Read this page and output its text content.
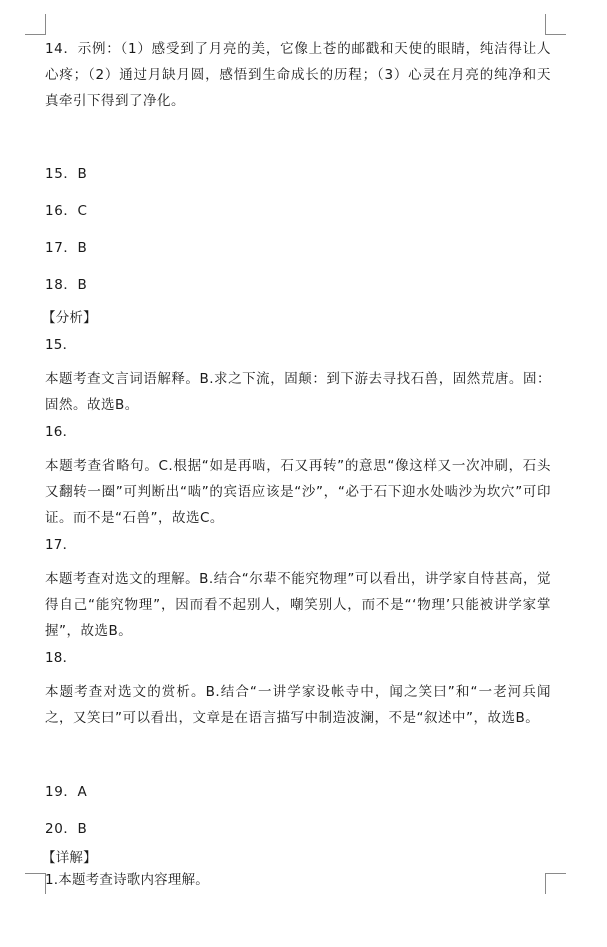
14．示例：（1）感受到了月亮的美，它像上苍的邮戳和天使的眼睛，纯洁得让人心疼；（2）通过月缺月圆，感悟到生命成长的历程；（3）心灵在月亮的纯净和天真牵引下得到了净化。
15．B
16．C
17．B
18．B
【分析】
15．
本题考查文言词语解释。B.求之下流，固颠：到下游去寻找石兽，固然荒唐。固：固然。故选B。
16．
本题考查省略句。C.根据“如是再啮，石又再转”的意思“像这样又一次冲刷，石头又翻转一圈”可判断出“啮”的宾语应该是“沙”，“必于石下迎水处啮沙为坎穴”可印证。而不是“石兽”，故选C。
17．
本题考查对选文的理解。B.结合“尔辈不能究物理”可以看出，讲学家自恃甚高，觉得自己“能究物理”，因而看不起别人，嘲笑别人，而不是“‘物理’只能被讲学家掌握”，故选B。
18．
本题考查对选文的赏析。B.结合“一讲学家设帐寺中，闻之笑曰”和“一老河兵闻之，又笑曰”可以看出，文章是在语言描写中制造波澜，不是“叙述中”，故选B。
19．A
20．B
【详解】
1.本题考查诗歌内容理解。
